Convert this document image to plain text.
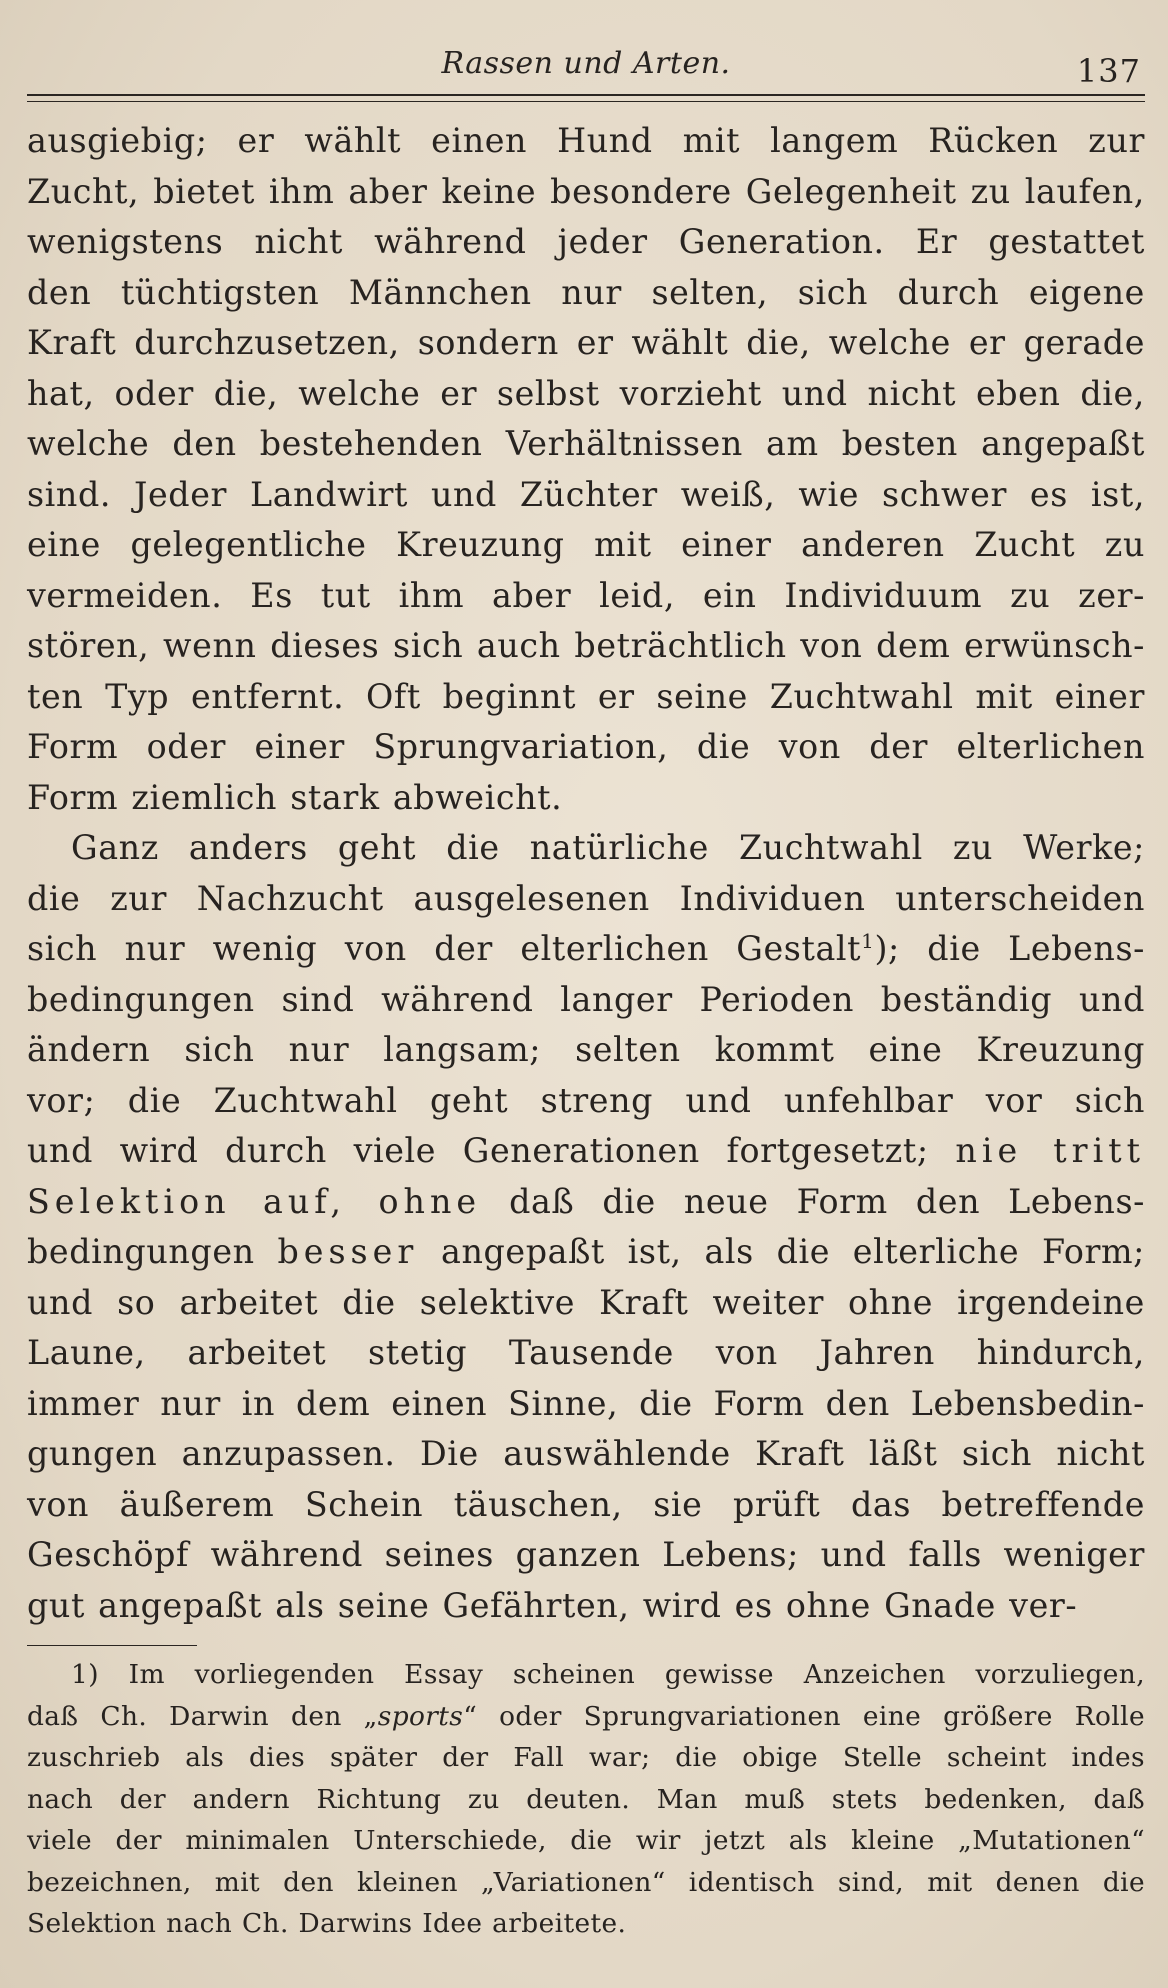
Rassen und Arten.	137
ausgiebig; er wählt einen Hund mit langem Rücken zur
Zucht, bietet ihm aber keine besondere Gelegenheit zu laufen,
wenigstens nicht während jeder Generation. Er gestattet
den tüchtigsten Männchen nur selten, sich durch eigene
Kraft durchzusetzen, sondern er wählt die, welche er gerade
hat, oder die, welche er selbst vorzieht und nicht eben die,
welche den bestehenden Verhältnissen am besten angepaßt
sind. Jeder Landwirt und Züchter weiß, wie schwer es ist,
eine gelegentliche Kreuzung mit einer anderen Zucht zu
vermeiden. Es tut ihm aber leid, ein Individuum zu zer-
stören, wenn dieses sich auch beträchtlich von dem erwünsch-
ten Typ entfernt. Oft beginnt er seine Zuchtwahl mit einer
Form oder einer Sprungvariation, die von der elterlichen
Form ziemlich stark abweicht.
Ganz anders geht die natürliche Zuchtwahl zu Werke;
die zur Nachzucht ausgelesenen Individuen unterscheiden
sich nur wenig von der elterlichen Gestalt$^1$); die Lebens-
bedingungen sind während langer Perioden beständig und
ändern sich nur langsam; selten kommt eine Kreuzung
vor; die Zuchtwahl geht streng und unfehlbar vor sich
und wird durch viele Generationen fortgesetzt; nie tritt
Selektion auf, ohne daß die neue Form den Lebens-
bedingungen besser angepaßt ist, als die elterliche Form;
und so arbeitet die selektive Kraft weiter ohne irgendeine
Laune, arbeitet stetig Tausende von Jahren hindurch,
immer nur in dem einen Sinne, die Form den Lebensbedin-
gungen anzupassen. Die auswählende Kraft läßt sich nicht
von äußerem Schein täuschen, sie prüft das betreffende
Geschöpf während seines ganzen Lebens; und falls weniger
gut angepaßt als seine Gefährten, wird es ohne Gnade ver-
1) Im vorliegenden Essay scheinen gewisse Anzeichen vorzuliegen,
daß Ch. Darwin den „sports“ oder Sprungvariationen eine größere Rolle
zuschrieb als dies später der Fall war; die obige Stelle scheint indes
nach der andern Richtung zu deuten. Man muß stets bedenken, daß
viele der minimalen Unterschiede, die wir jetzt als kleine „Mutationen“
bezeichnen, mit den kleinen „Variationen“ identisch sind, mit denen die
Selektion nach Ch. Darwins Idee arbeitete.
